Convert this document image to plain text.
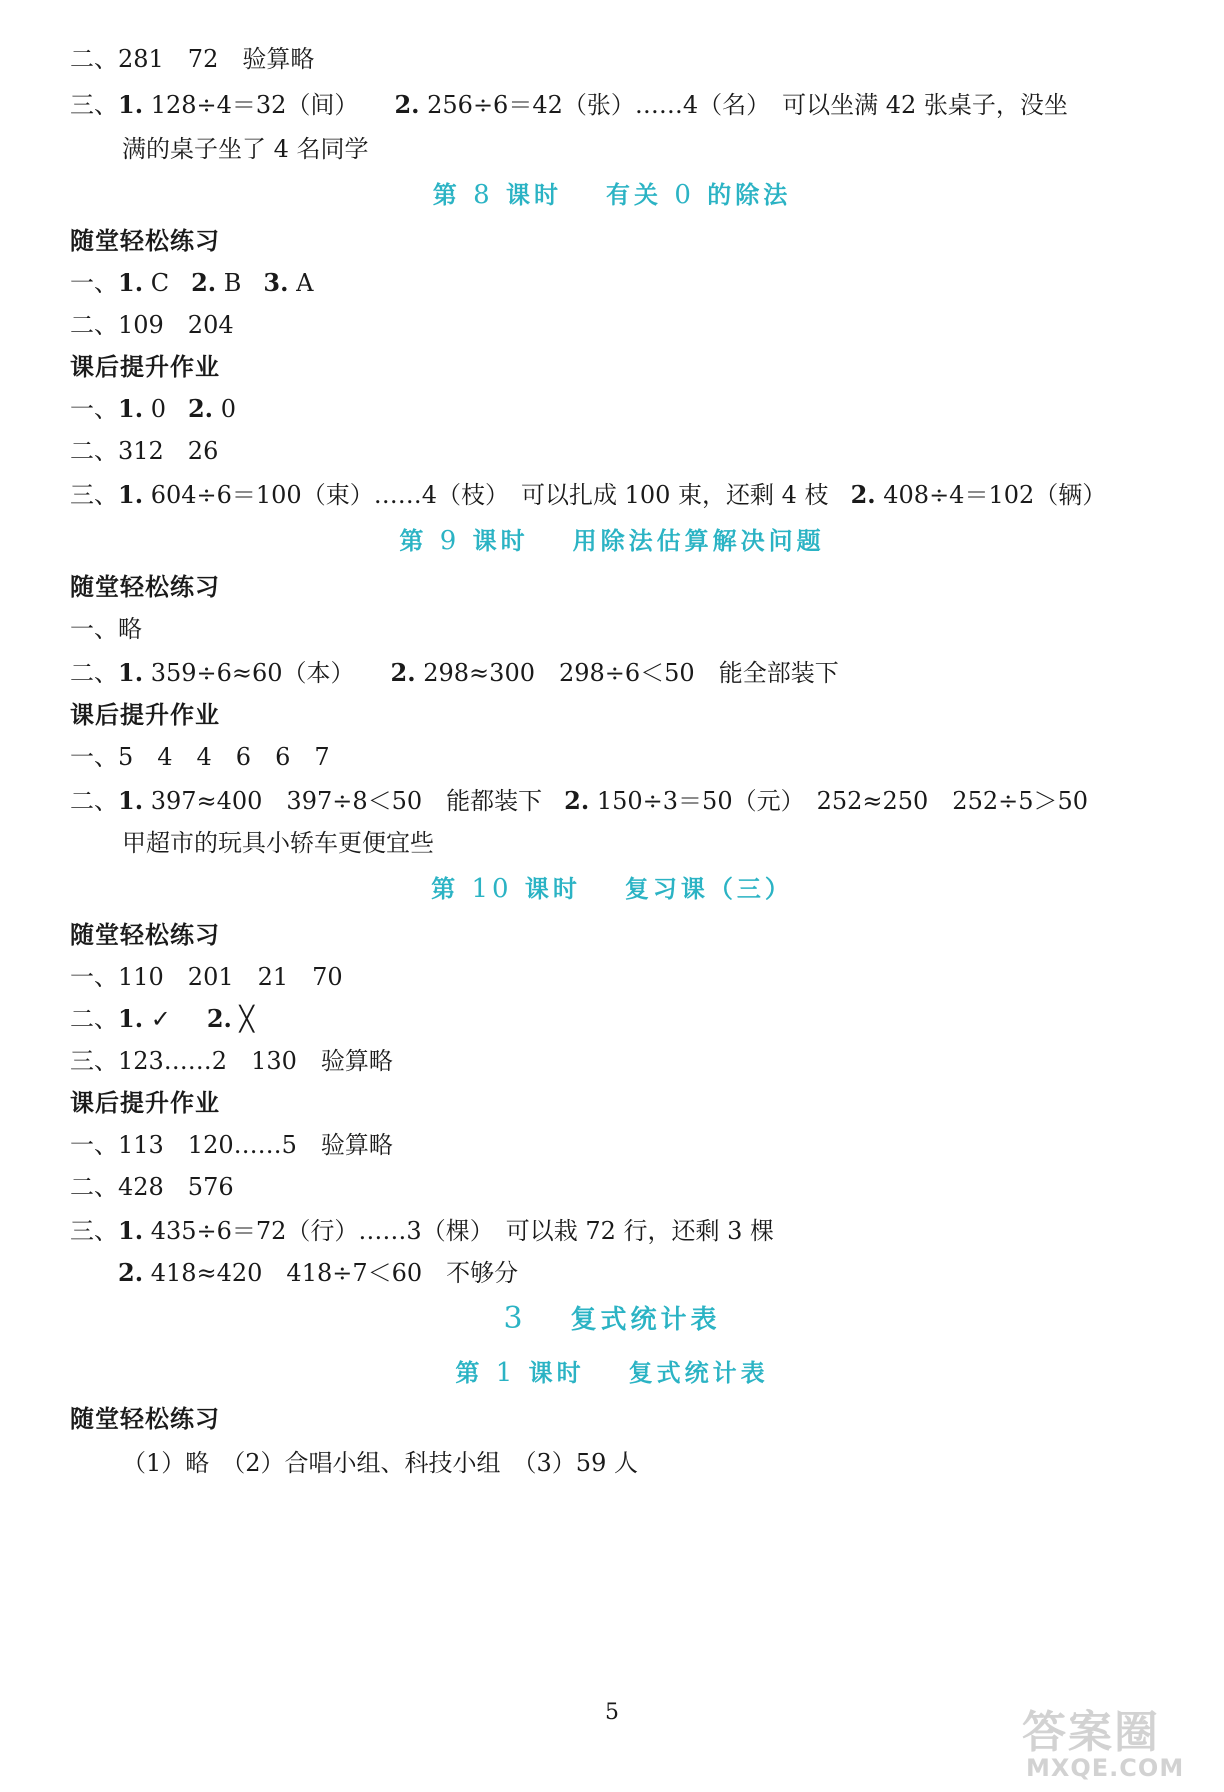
二、281　72　验算略
三、1. 128÷4＝32（间） 2. 256÷6＝42（张）……4（名）　可以坐满 42 张桌子，没坐
满的桌子坐了 4 名同学
第 8 课时 有关 0 的除法
随堂轻松练习
一、1. C 2. B 3. A
二、109　204
课后提升作业
一、1. 0 2. 0
二、312　26
三、1. 604÷6＝100（束）……4（枝）　可以扎成 100 束，还剩 4 枝 2. 408÷4＝102（辆）
第 9 课时 用除法估算解决问题
随堂轻松练习
一、略
二、1. 359÷6≈60（本） 2. 298≈300　298÷6＜50　能全部装下
课后提升作业
一、5　4　4　6　6　7
二、1. 397≈400　397÷8＜50　能都装下 2. 150÷3＝50（元）　252≈250　252÷5＞50
甲超市的玩具小轿车更便宜些
第 10 课时 复习课（三）
随堂轻松练习
一、110　201　21　70
二、1. ✓ 2. ╳
三、123……2　130　验算略
课后提升作业
一、113　120……5　验算略
二、428　576
三、1. 435÷6＝72（行）……3（棵）　可以栽 72 行，还剩 3 棵
2. 418≈420　418÷7＜60　不够分
3 复式统计表
第 1 课时 复式统计表
随堂轻松练习
（1）略　（2）合唱小组、科技小组　（3）59 人
5	答案圈
MXQE.COM
